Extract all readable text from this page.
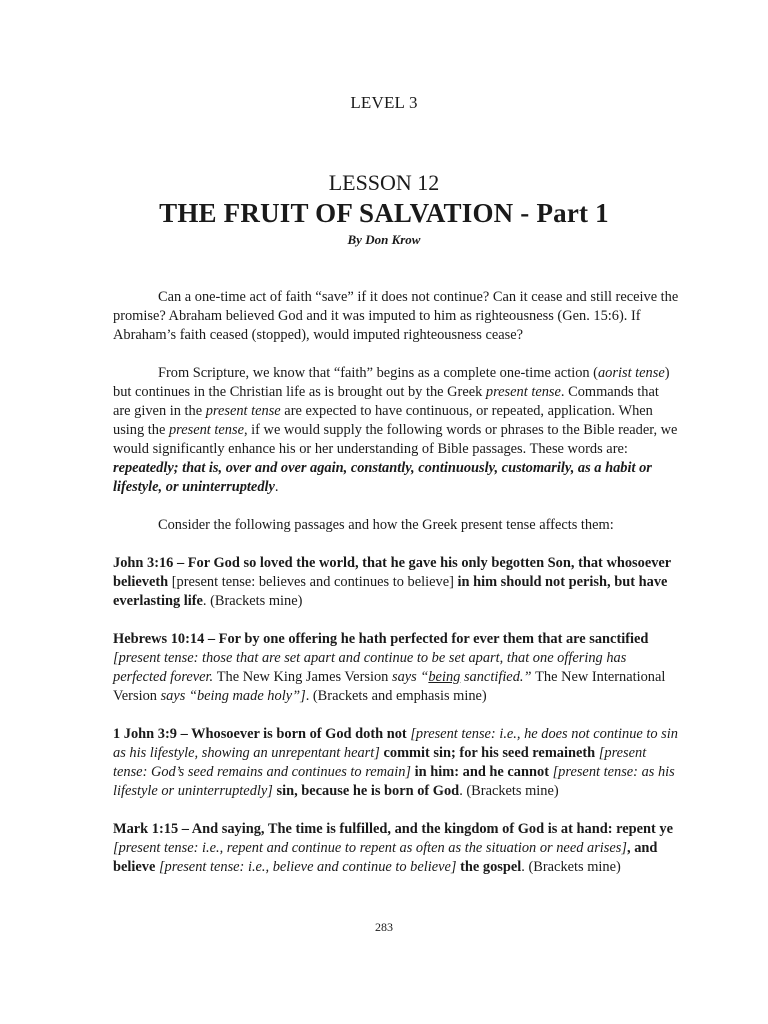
LEVEL 3
LESSON 12
THE FRUIT OF SALVATION - Part 1
By Don Krow

Can a one-time act of faith “save” if it does not continue? Can it cease and still receive the promise? Abraham believed God and it was imputed to him as righteousness (Gen. 15:6). If Abraham’s faith ceased (stopped), would imputed righteousness cease?

From Scripture, we know that “faith” begins as a complete one-time action (aorist tense) but continues in the Christian life as is brought out by the Greek present tense. Commands that are given in the present tense are expected to have continuous, or repeated, application. When using the present tense, if we would supply the following words or phrases to the Bible reader, we would significantly enhance his or her understanding of Bible passages. These words are: repeatedly; that is, over and over again, constantly, continuously, customarily, as a habit or lifestyle, or uninterruptedly.

Consider the following passages and how the Greek present tense affects them:

John 3:16 – For God so loved the world, that he gave his only begotten Son, that whosoever believeth [present tense: believes and continues to believe] in him should not perish, but have everlasting life. (Brackets mine)

Hebrews 10:14 – For by one offering he hath perfected for ever them that are sanctified [present tense: those that are set apart and continue to be set apart, that one offering has perfected forever. The New King James Version says “being sanctified.” The New International Version says “being made holy”]. (Brackets and emphasis mine)

1 John 3:9 – Whosoever is born of God doth not [present tense: i.e., he does not continue to sin as his lifestyle, showing an unrepentant heart] commit sin; for his seed remaineth [present tense: God’s seed remains and continues to remain] in him: and he cannot [present tense: as his lifestyle or uninterruptedly] sin, because he is born of God. (Brackets mine)

Mark 1:15 – And saying, The time is fulfilled, and the kingdom of God is at hand: repent ye [present tense: i.e., repent and continue to repent as often as the situation or need arises], and believe [present tense: i.e., believe and continue to believe] the gospel. (Brackets mine)

283
